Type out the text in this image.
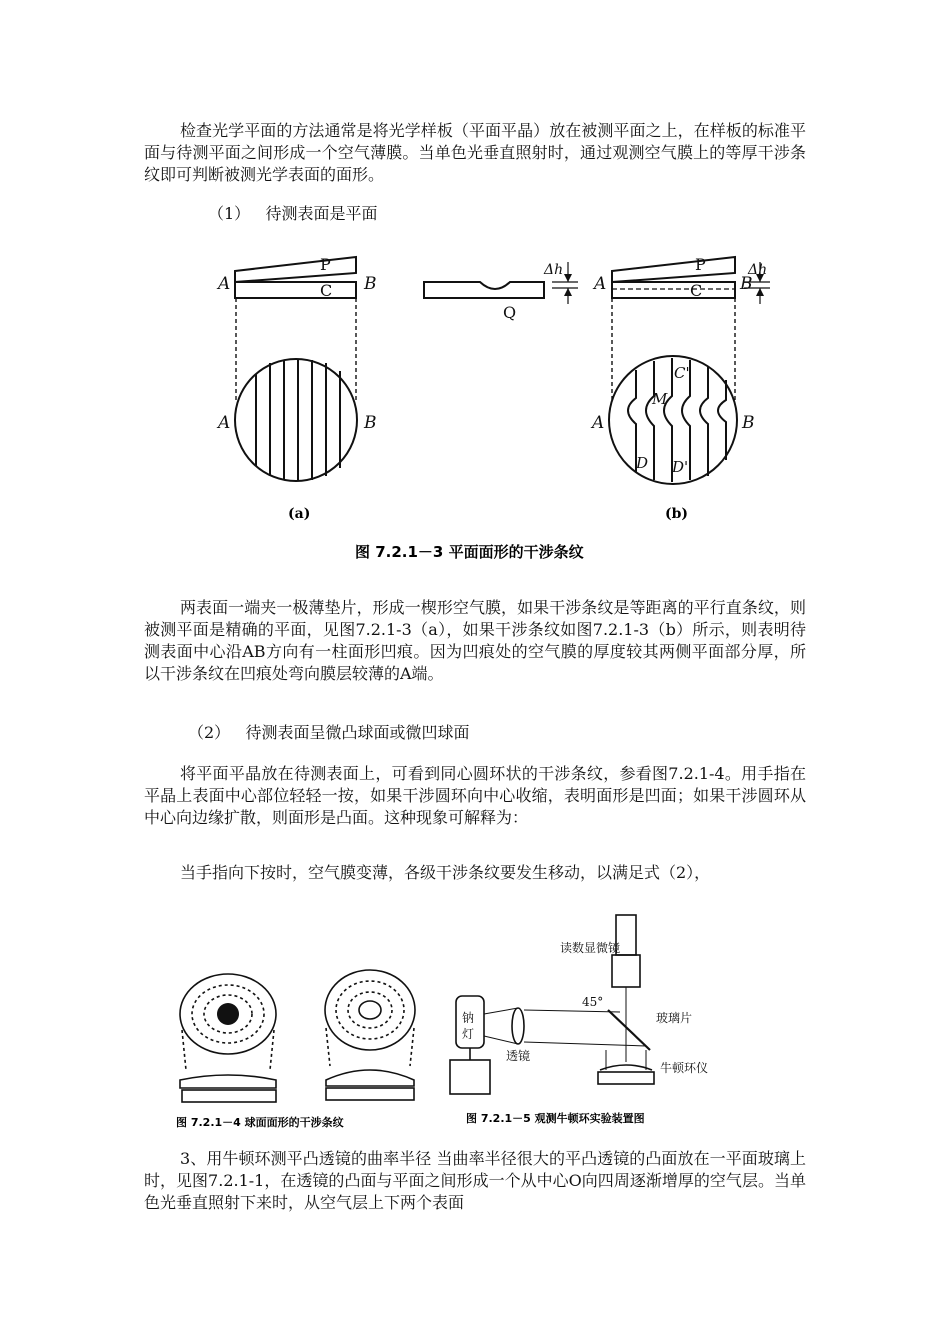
检查光学平面的方法通常是将光学样板（平面平晶）放在被测平面之上，在样板的标准平面与待测平面之间形成一个空气薄膜。当单色光垂直照射时，通过观测空气膜上的等厚干涉条纹即可判断被测光学表面的面形。

（1）   待测表面是平面

A	B
A	B
A	B
A	B
C'
M
D D'
P
C
P
C
Q
Δh	Δh
(a)	(b)
图 7.2.1－3 平面面形的干涉条纹

两表面一端夹一极薄垫片，形成一楔形空气膜，如果干涉条纹是等距离的平行直条纹，则被测平面是精确的平面，见图7.2.1-3（a），如果干涉条纹如图7.2.1-3（b）所示，则表明待测表面中心沿AB方向有一柱面形凹痕。因为凹痕处的空气膜的厚度较其两侧平面部分厚，所以干涉条纹在凹痕处弯向膜层较薄的A端。

（2）   待测表面呈微凸球面或微凹球面

将平面平晶放在待测表面上，可看到同心圆环状的干涉条纹，参看图7.2.1-4。用手指在平晶上表面中心部位轻轻一按，如果干涉圆环向中心收缩，表明面形是凹面；如果干涉圆环从中心向边缘扩散，则面形是凸面。这种现象可解释为：

当手指向下按时，空气膜变薄，各级干涉条纹要发生移动，以满足式（2），

读数显微镜
45°
玻璃片
钠
灯
透镜
牛顿环仪
图 7.2.1－4 球面面形的干涉条纹	图 7.2.1－5 观测牛顿环实验装置图

3、用牛顿环测平凸透镜的曲率半径 当曲率半径很大的平凸透镜的凸面放在一平面玻璃上时，见图7.2.1-1，在透镜的凸面与平面之间形成一个从中心O向四周逐渐增厚的空气层。当单色光垂直照射下来时，从空气层上下两个表面
